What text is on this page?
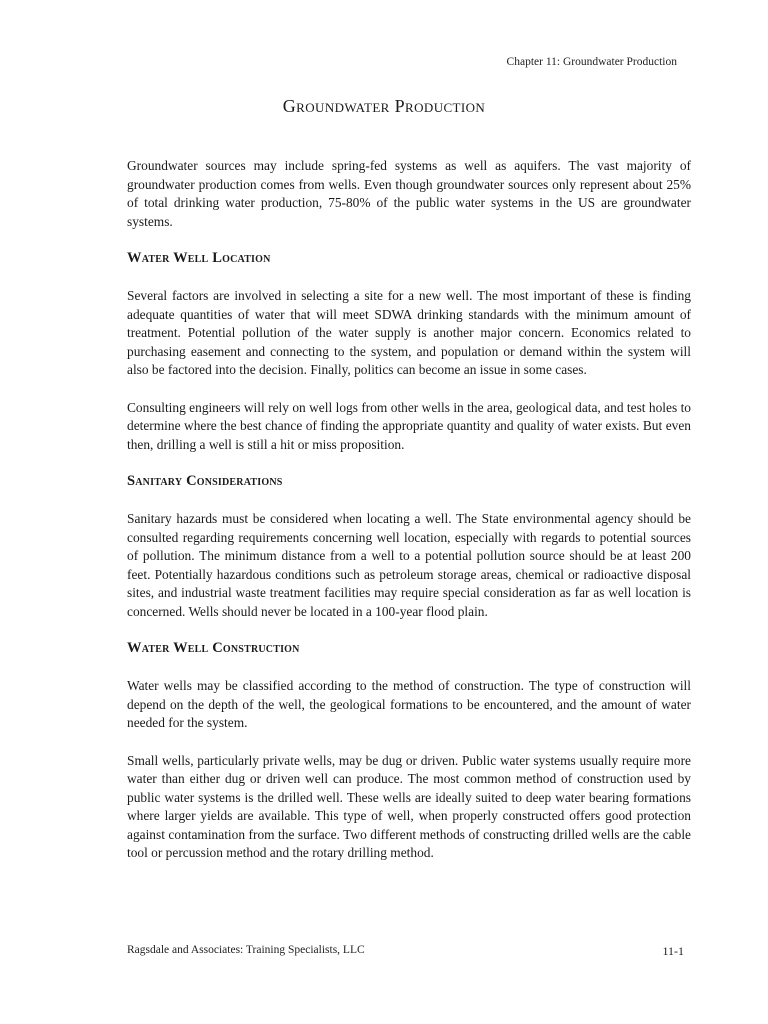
Chapter 11: Groundwater Production
Groundwater Production

Groundwater sources may include spring-fed systems as well as aquifers. The vast majority of groundwater production comes from wells. Even though groundwater sources only represent about 25% of total drinking water production, 75-80% of the public water systems in the US are groundwater systems.

Water Well Location

Several factors are involved in selecting a site for a new well. The most important of these is finding adequate quantities of water that will meet SDWA drinking standards with the minimum amount of treatment. Potential pollution of the water supply is another major concern. Economics related to purchasing easement and connecting to the system, and population or demand within the system will also be factored into the decision. Finally, politics can become an issue in some cases.

Consulting engineers will rely on well logs from other wells in the area, geological data, and test holes to determine where the best chance of finding the appropriate quantity and quality of water exists. But even then, drilling a well is still a hit or miss proposition.

Sanitary Considerations

Sanitary hazards must be considered when locating a well. The State environmental agency should be consulted regarding requirements concerning well location, especially with regards to potential sources of pollution. The minimum distance from a well to a potential pollution source should be at least 200 feet. Potentially hazardous conditions such as petroleum storage areas, chemical or radioactive disposal sites, and industrial waste treatment facilities may require special consideration as far as well location is concerned. Wells should never be located in a 100-year flood plain.

Water Well Construction

Water wells may be classified according to the method of construction. The type of construction will depend on the depth of the well, the geological formations to be encountered, and the amount of water needed for the system.

Small wells, particularly private wells, may be dug or driven. Public water systems usually require more water than either dug or driven well can produce. The most common method of construction used by public water systems is the drilled well. These wells are ideally suited to deep water bearing formations where larger yields are available. This type of well, when properly constructed offers good protection against contamination from the surface. Two different methods of constructing drilled wells are the cable tool or percussion method and the rotary drilling method.

Ragsdale and Associates: Training Specialists, LLC	11-1
